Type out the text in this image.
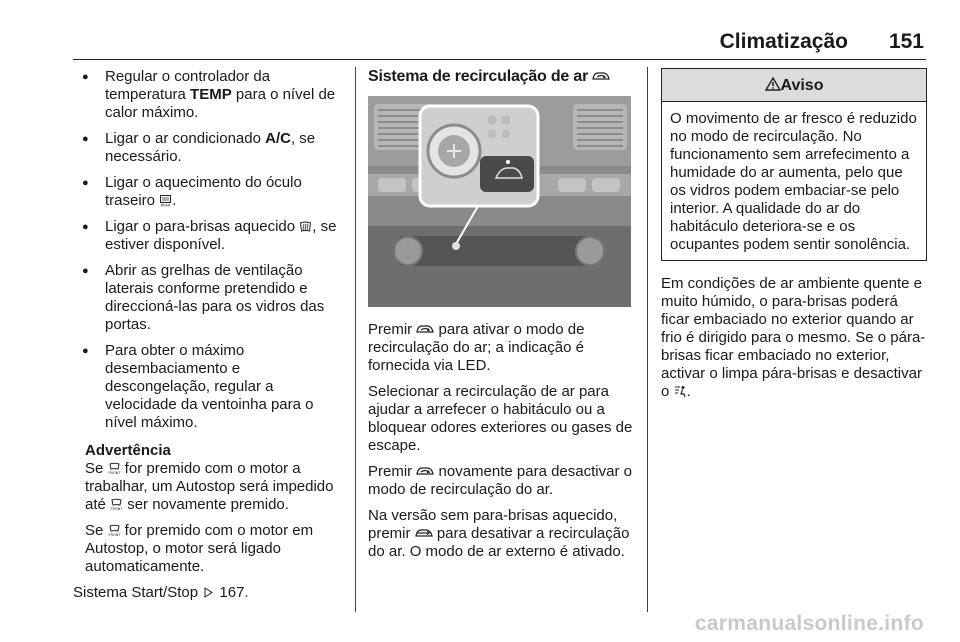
Climatização 151
● Regular o controlador da temperatura TEMP para o nível de calor máximo.
● Ligar o ar condicionado A/C, se necessário.
● Ligar o aquecimento do óculo traseiro REAR .
● Ligar o para-brisas aquecido , se estiver disponível.
● Abrir as grelhas de ventilação laterais conforme pretendido e direccioná-las para os vidros das portas.
● Para obter o máximo desembaciamento e descongelação, regular a velocidade da ventoinha para o nível máximo.
Advertência

Se FRONT for premido com o motor a trabalhar, um Autostop será impedido até FRONT ser novamente premido.

Se FRONT for premido com o motor em Autostop, o motor será ligado automaticamente.

Sistema Start/Stop  167.

Sistema de recirculação de ar

Premir  para ativar o modo de recirculação do ar; a indicação é fornecida via LED.

Selecionar a recirculação de ar para ajudar a arrefecer o habitáculo ou a bloquear odores exteriores ou gases de escape.

Premir  novamente para desactivar o modo de recirculação do ar.

Na versão sem para-brisas aquecido, premir  para desativar a recirculação do ar. O modo de ar externo é ativado.

Aviso
O movimento de ar fresco é reduzido no modo de recirculação. No funcionamento sem arrefecimento a humidade do ar aumenta, pelo que os vidros podem embaciar-se pelo interior. A qualidade do ar do habitáculo deteriora-se e os ocupantes podem sentir sonolência.

Em condições de ar ambiente quente e muito húmido, o para-brisas poderá ficar embaciado no exterior quando ar frio é dirigido para o mesmo. Se o pára-brisas ficar embaciado no exterior, activar o limpa pára-brisas e desactivar o .

carmanualsonline.info
